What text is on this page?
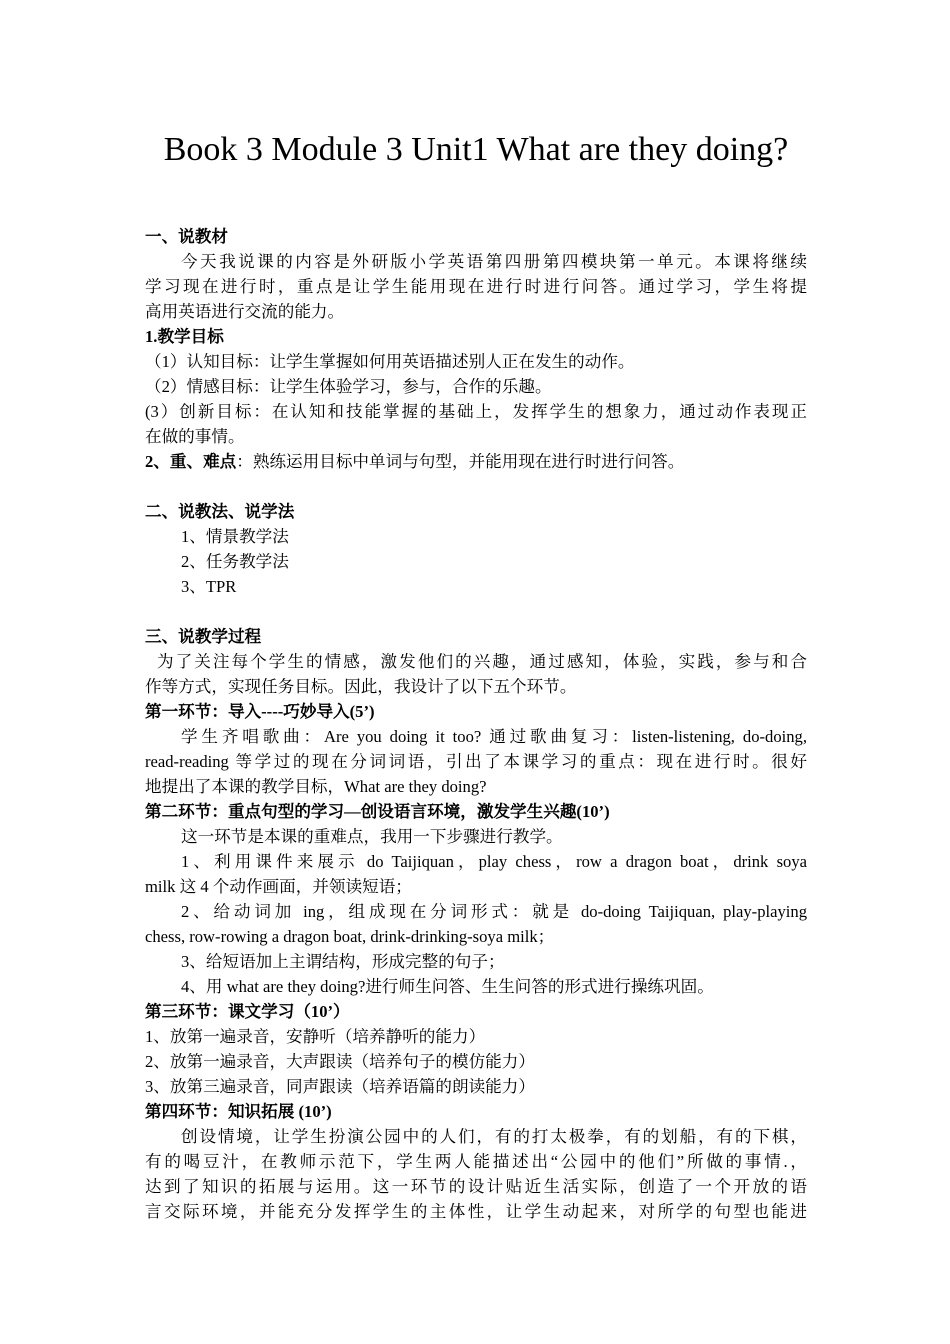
Book 3 Module 3 Unit1 What are they doing?
一、说教材
今天我说课的内容是外研版小学英语第四册第四模块第一单元。本课将继续
学习现在进行时，重点是让学生能用现在进行时进行问答。通过学习，学生将提
高用英语进行交流的能力。
1.教学目标
（1）认知目标：让学生掌握如何用英语描述别人正在发生的动作。
（2）情感目标：让学生体验学习，参与，合作的乐趣。
(3）创新目标：在认知和技能掌握的基础上，发挥学生的想象力，通过动作表现正
在做的事情。
2、重、难点：熟练运用目标中单词与句型，并能用现在进行时进行问答。
二、说教法、说学法
1、情景教学法
2、任务教学法
3、TPR
三、说教学过程
为了关注每个学生的情感，激发他们的兴趣，通过感知，体验，实践，参与和合
作等方式，实现任务目标。因此，我设计了以下五个环节。
第一环节：导入----巧妙导入(5’)
学生齐唱歌曲：Are you doing it too? 通过歌曲复习：listen-listening, do-doing,
read-reading 等学过的现在分词词语，引出了本课学习的重点：现在进行时。很好
地提出了本课的教学目标，What are they doing?
第二环节：重点句型的学习—创设语言环境，激发学生兴趣(10’)
这一环节是本课的重难点，我用一下步骤进行教学。
1、利用课件来展示 do Taijiquan，play chess，row a dragon boat，drink soya
milk 这 4 个动作画面，并领读短语；
2、给动词加 ing，组成现在分词形式：就是 do-doing Taijiquan, play-playing
chess, row-rowing a dragon boat, drink-drinking-soya milk；
3、给短语加上主谓结构，形成完整的句子；
4、用 what are they doing?进行师生问答、生生问答的形式进行操练巩固。
第三环节：课文学习（10’）
1、放第一遍录音，安静听（培养静听的能力）
2、放第一遍录音，大声跟读（培养句子的模仿能力）
3、放第三遍录音，同声跟读（培养语篇的朗读能力）
第四环节：知识拓展 (10’)
创设情境，让学生扮演公园中的人们，有的打太极拳，有的划船，有的下棋，
有的喝豆汁，在教师示范下，学生两人能描述出“公园中的他们”所做的事情.，
达到了知识的拓展与运用。这一环节的设计贴近生活实际，创造了一个开放的语
言交际环境，并能充分发挥学生的主体性，让学生动起来，对所学的句型也能进
